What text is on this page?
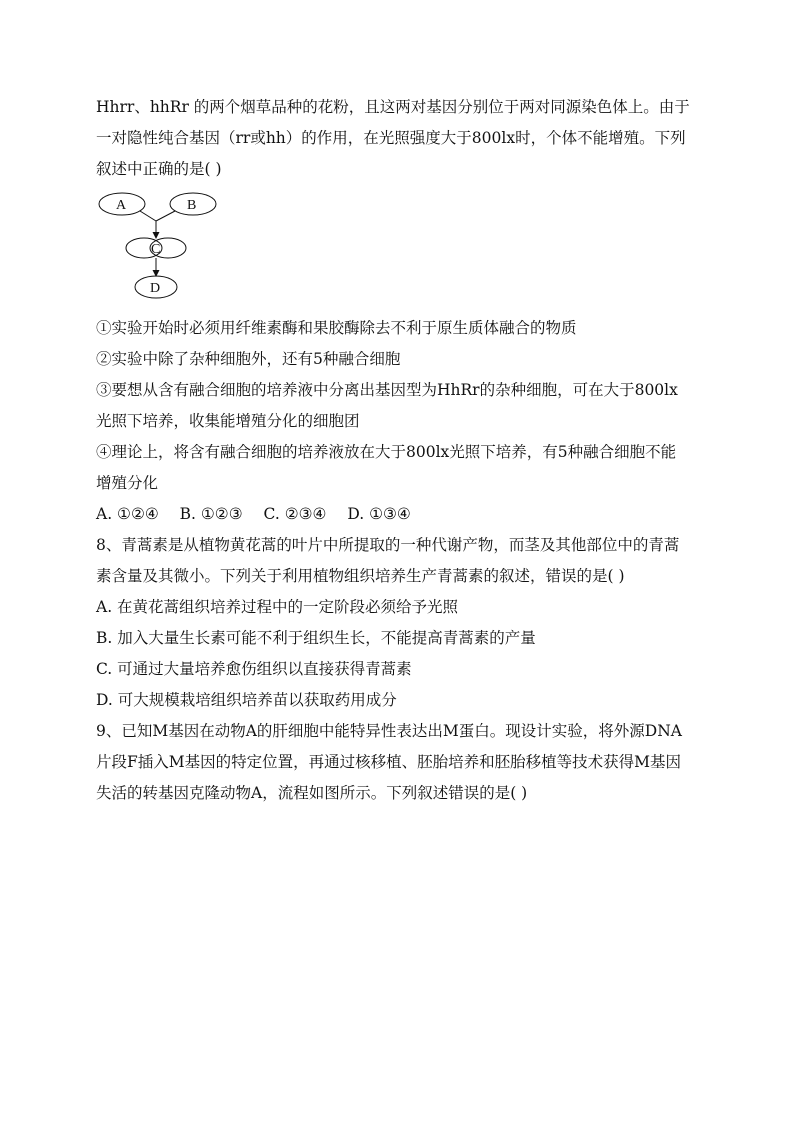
Hhrr、hhRr 的两个烟草品种的花粉，且这两对基因分别位于两对同源染色体上。由于
一对隐性纯合基因（rr或hh）的作用，在光照强度大于800lx时，个体不能增殖。下列
叙述中正确的是( )
A	B
C
D
①实验开始时必须用纤维素酶和果胶酶除去不利于原生质体融合的物质
②实验中除了杂种细胞外，还有5种融合细胞
③要想从含有融合细胞的培养液中分离出基因型为HhRr的杂种细胞，可在大于800lx
光照下培养，收集能增殖分化的细胞团
④理论上，将含有融合细胞的培养液放在大于800lx光照下培养，有5种融合细胞不能
增殖分化
A. ①②④ B. ①②③ C. ②③④ D. ①③④
8、青蒿素是从植物黄花蒿的叶片中所提取的一种代谢产物，而茎及其他部位中的青蒿
素含量及其微小。下列关于利用植物组织培养生产青蒿素的叙述，错误的是( )
A. 在黄花蒿组织培养过程中的一定阶段必须给予光照
B. 加入大量生长素可能不利于组织生长，不能提高青蒿素的产量
C. 可通过大量培养愈伤组织以直接获得青蒿素
D. 可大规模栽培组织培养苗以获取药用成分
9、已知M基因在动物A的肝细胞中能特异性表达出M蛋白。现设计实验，将外源DNA
片段F插入M基因的特定位置，再通过核移植、胚胎培养和胚胎移植等技术获得M基因
失活的转基因克隆动物A，流程如图所示。下列叙述错误的是( )
